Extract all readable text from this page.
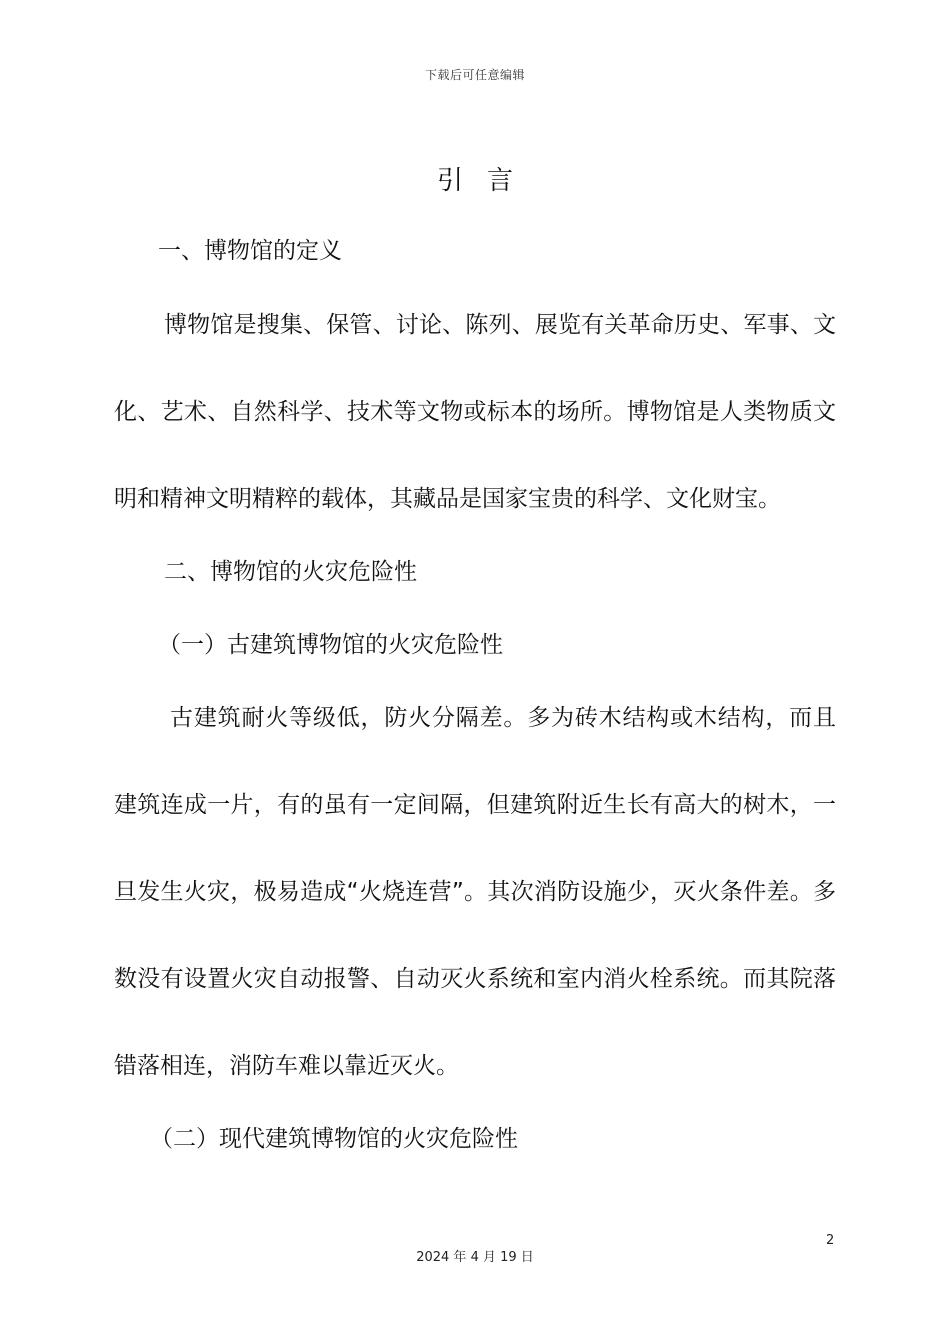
下载后可任意编辑
引言
一、博物馆的定义
博物馆是搜集、保管、讨论、陈列、展览有关革命历史、军事、文
化、艺术、自然科学、技术等文物或标本的场所。博物馆是人类物质文
明和精神文明精粹的载体，其藏品是国家宝贵的科学、文化财宝。
二、博物馆的火灾危险性
（一）古建筑博物馆的火灾危险性
古建筑耐火等级低，防火分隔差。多为砖木结构或木结构，而且
建筑连成一片，有的虽有一定间隔，但建筑附近生长有高大的树木，一
旦发生火灾，极易造成“火烧连营”。其次消防设施少，灭火条件差。多
数没有设置火灾自动报警、自动灭火系统和室内消火栓系统。而其院落
错落相连，消防车难以靠近灭火。
（二）现代建筑博物馆的火灾危险性
2
2024 年 4 月 19 日
